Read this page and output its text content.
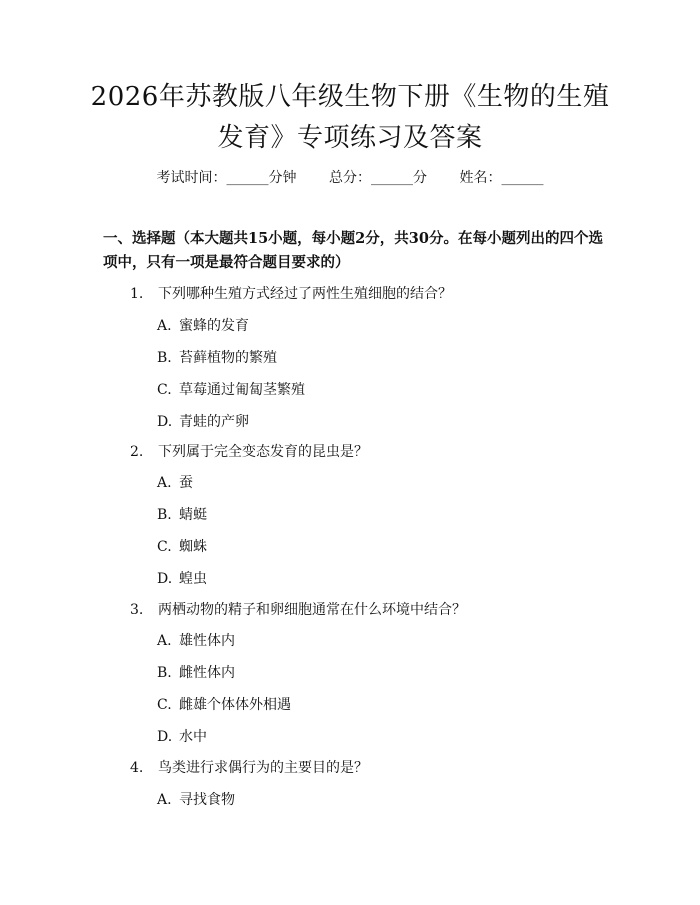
2026年苏教版八年级生物下册《生物的生殖
发育》专项练习及答案
考试时间：______分钟 总分：______分 姓名：______
一、选择题（本大题共15小题，每小题2分，共30分。在每小题列出的四个选
项中，只有一项是最符合题目要求的）
1. 下列哪种生殖方式经过了两性生殖细胞的结合？
A. 蜜蜂的发育
B. 苔藓植物的繁殖
C. 草莓通过匍匐茎繁殖
D. 青蛙的产卵
2. 下列属于完全变态发育的昆虫是？
A. 蚕
B. 蜻蜓
C. 蜘蛛
D. 蝗虫
3. 两栖动物的精子和卵细胞通常在什么环境中结合？
A. 雄性体内
B. 雌性体内
C. 雌雄个体体外相遇
D. 水中
4. 鸟类进行求偶行为的主要目的是？
A. 寻找食物
